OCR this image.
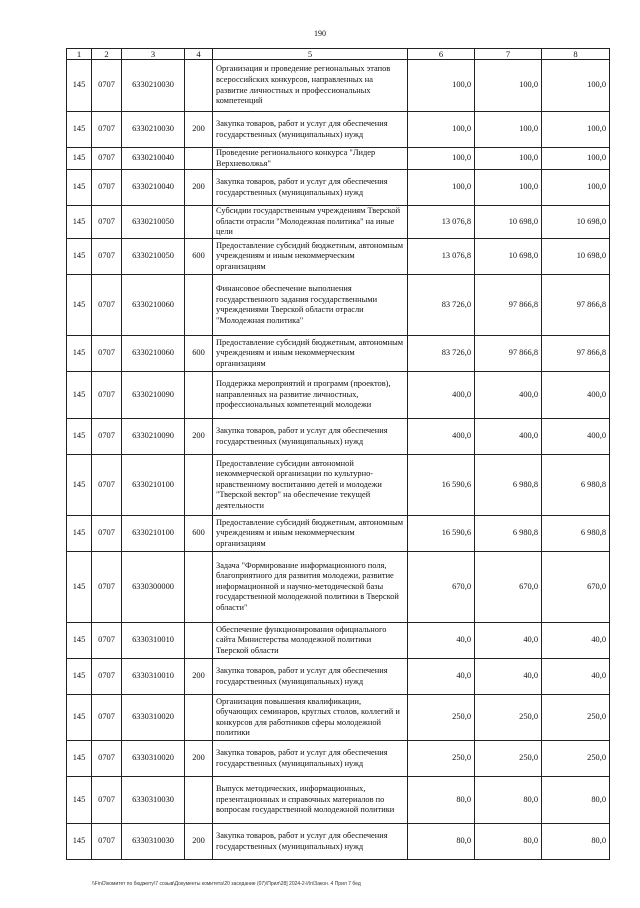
190
1	2	3	4	5	6	7	8
145	0707	6330210030		Организация и проведение региональных этапов всероссийских конкурсов, направленных на развитие личностных и профессиональных компетенций	100,0	100,0	100,0
145	0707	6330210030	200	Закупка товаров, работ и услуг для обеспечения государственных (муниципальных) нужд	100,0	100,0	100,0
145	0707	6330210040		Проведение регионального конкурса "Лидер Верхневолжья"	100,0	100,0	100,0
145	0707	6330210040	200	Закупка товаров, работ и услуг для обеспечения государственных (муниципальных) нужд	100,0	100,0	100,0
145	0707	6330210050		Субсидии государственным учреждениям Тверской области отрасли "Молодежная политика" на иные цели	13 076,8	10 698,0	10 698,0
145	0707	6330210050	600	Предоставление субсидий бюджетным, автономным учреждениям и иным некоммерческим организациям	13 076,8	10 698,0	10 698,0
145	0707	6330210060		Финансовое обеспечение выполнения государственного задания государственными учреждениями Тверской области отрасли "Молодежная политика"	83 726,0	97 866,8	97 866,8
145	0707	6330210060	600	Предоставление субсидий бюджетным, автономным учреждениям и иным некоммерческим организациям	83 726,0	97 866,8	97 866,8
145	0707	6330210090		Поддержка мероприятий и программ (проектов), направленных на развитие личностных, профессиональных компетенций молодежи	400,0	400,0	400,0
145	0707	6330210090	200	Закупка товаров, работ и услуг для обеспечения государственных (муниципальных) нужд	400,0	400,0	400,0
145	0707	6330210100		Предоставление субсидии автономной некоммерческой организации по культурно-нравственному воспитанию детей и молодежи "Тверской вектор" на обеспечение текущей деятельности	16 590,6	6 980,8	6 980,8
145	0707	6330210100	600	Предоставление субсидий бюджетным, автономным учреждениям и иным некоммерческим организациям	16 590,6	6 980,8	6 980,8
145	0707	6330300000		Задача "Формирование информационного поля, благоприятного для развития молодежи, развитие информационной и научно-методической базы государственной молодежной политики в Тверской области"	670,0	670,0	670,0
145	0707	6330310010		Обеспечение функционирования официального сайта Министерства молодежной политики Тверской области	40,0	40,0	40,0
145	0707	6330310010	200	Закупка товаров, работ и услуг для обеспечения государственных (муниципальных) нужд	40,0	40,0	40,0
145	0707	6330310020		Организация повышения квалификации, обучающих семинаров, круглых столов, коллегий и конкурсов для работников сферы молодежной политики	250,0	250,0	250,0
145	0707	6330310020	200	Закупка товаров, работ и услуг для обеспечения государственных (муниципальных) нужд	250,0	250,0	250,0
145	0707	6330310030		Выпуск методических, информационных, презентационных и справочных материалов по вопросам государственной молодежной политики	80,0	80,0	80,0
145	0707	6330310030	200	Закупка товаров, работ и услуг для обеспечения государственных (муниципальных) нужд	80,0	80,0	80,0
\\FinO\комитет по бюджету\7 созыв\Документы комитета\20 заседание (07)\Прил\28] 2024-2-Ил\Закон. 4 Прил 7 бед
